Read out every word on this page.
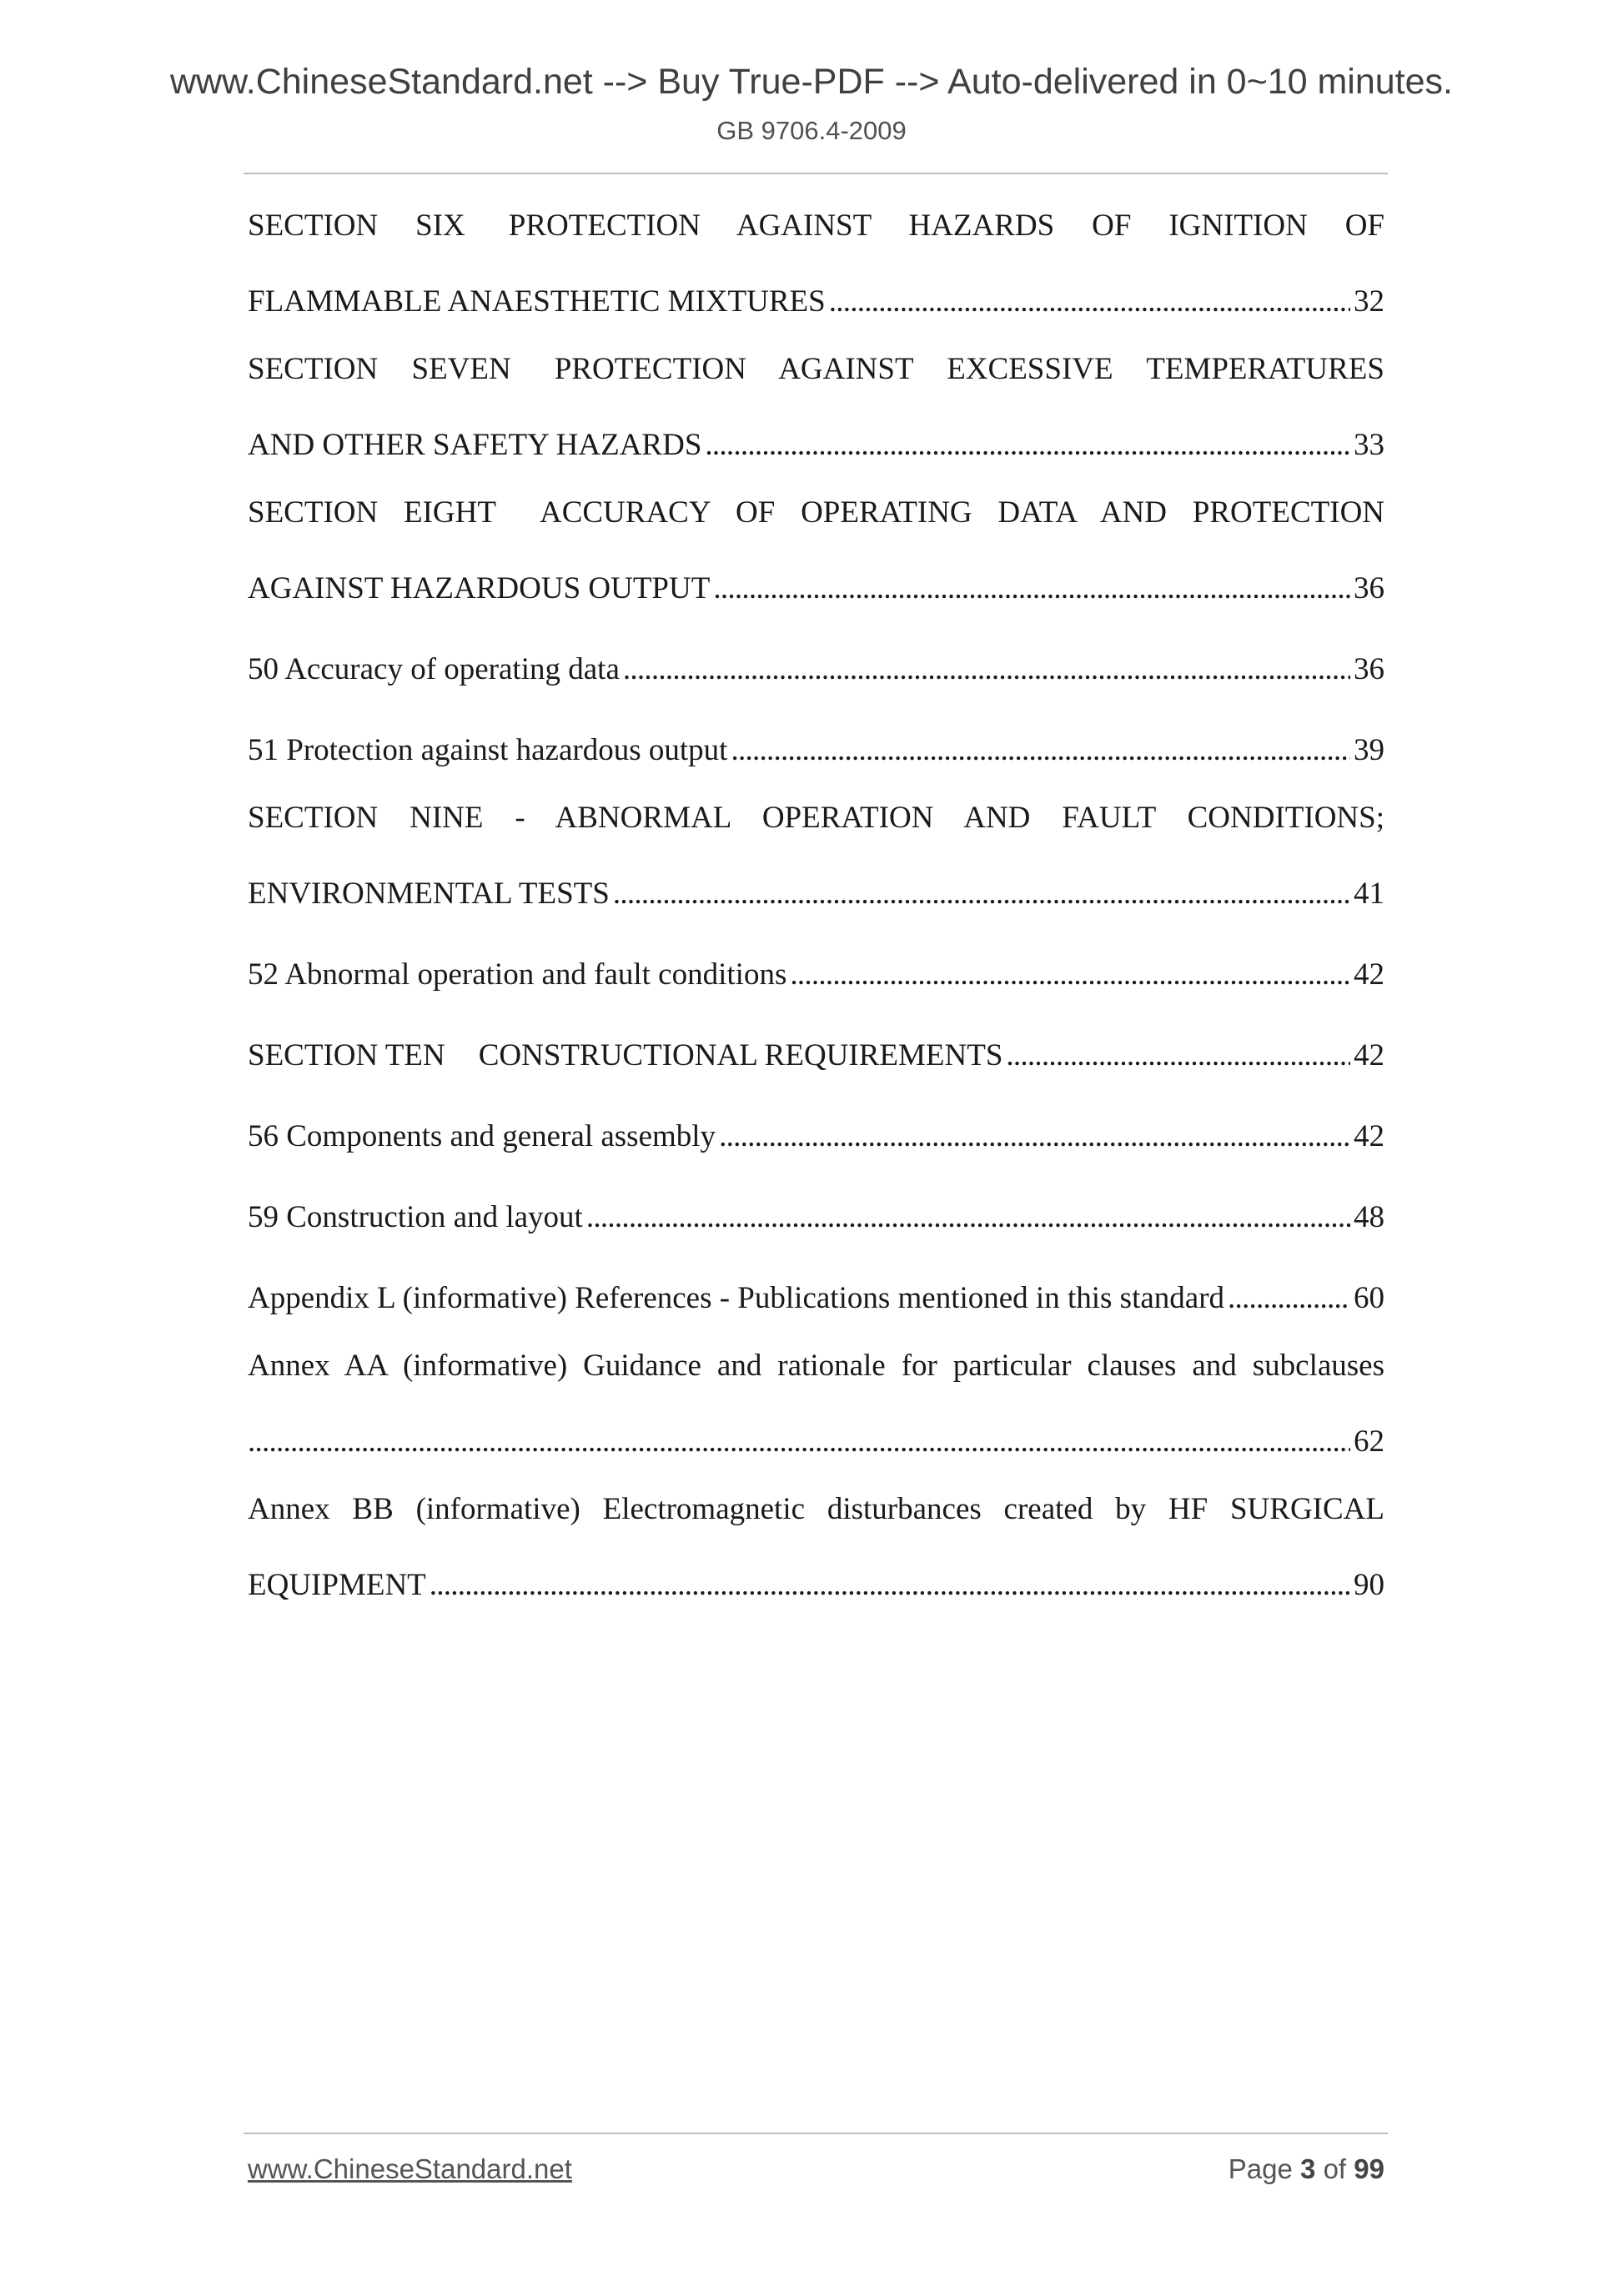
www.ChineseStandard.net --> Buy True-PDF --> Auto-delivered in 0~10 minutes.
GB 9706.4-2009
SECTION SIX PROTECTION AGAINST HAZARDS OF IGNITION OF
FLAMMABLE ANAESTHETIC MIXTURES . . .	32
SECTION SEVEN PROTECTION AGAINST EXCESSIVE TEMPERATURES
AND OTHER SAFETY HAZARDS . . .	33
SECTION EIGHT ACCURACY OF OPERATING DATA AND PROTECTION
AGAINST HAZARDOUS OUTPUT . . .	36
50 Accuracy of operating data . . .	36
51 Protection against hazardous output . . .	39
SECTION NINE - ABNORMAL OPERATION AND FAULT CONDITIONS;
ENVIRONMENTAL TESTS . . .	41
52 Abnormal operation and fault conditions . . .	42
SECTION TEN CONSTRUCTIONAL REQUIREMENTS . . .	42
56 Components and general assembly . . .	42
59 Construction and layout . . .	48
Appendix L (informative) References - Publications mentioned in this standard . . .	60
Annex AA (informative) Guidance and rationale for particular clauses and subclauses
. . .
62
Annex BB (informative) Electromagnetic disturbances created by HF SURGICAL
EQUIPMENT . . .	90
www.ChineseStandard.net	Page 3 of 99
